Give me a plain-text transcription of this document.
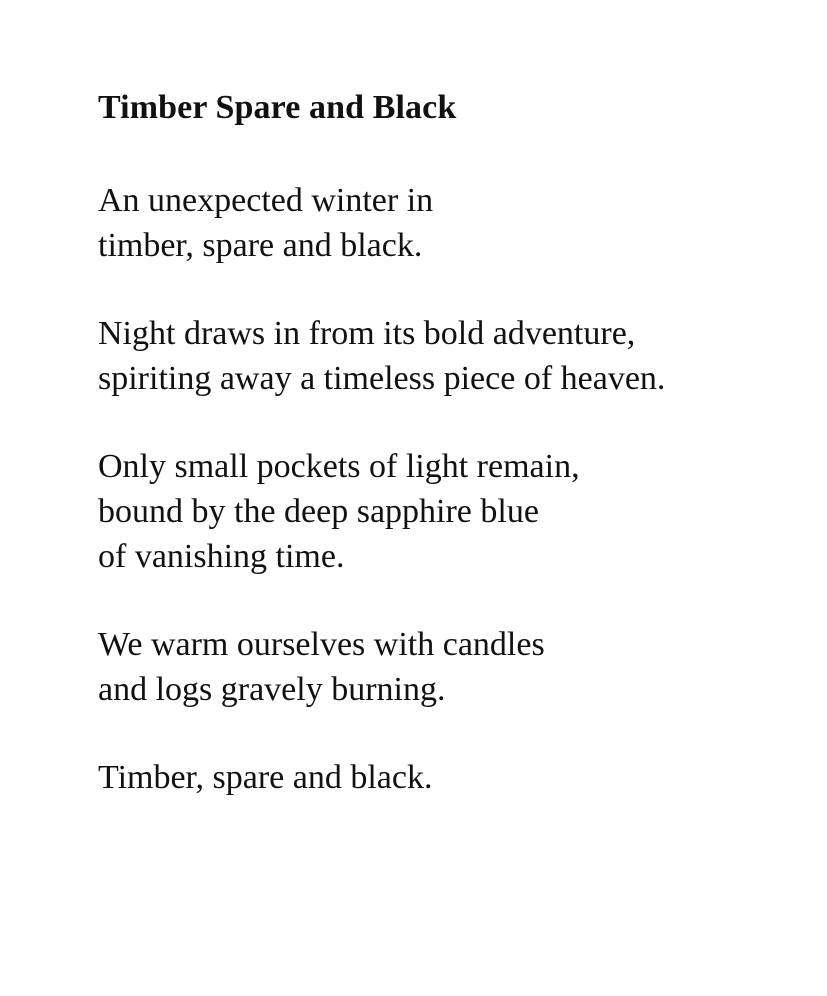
Timber Spare and Black
An unexpected winter in
timber, spare and black.
Night draws in from its bold adventure,
spiriting away a timeless piece of heaven.
Only small pockets of light remain,
bound by the deep sapphire blue
of vanishing time.
We warm ourselves with candles
and logs gravely burning.
Timber, spare and black.
